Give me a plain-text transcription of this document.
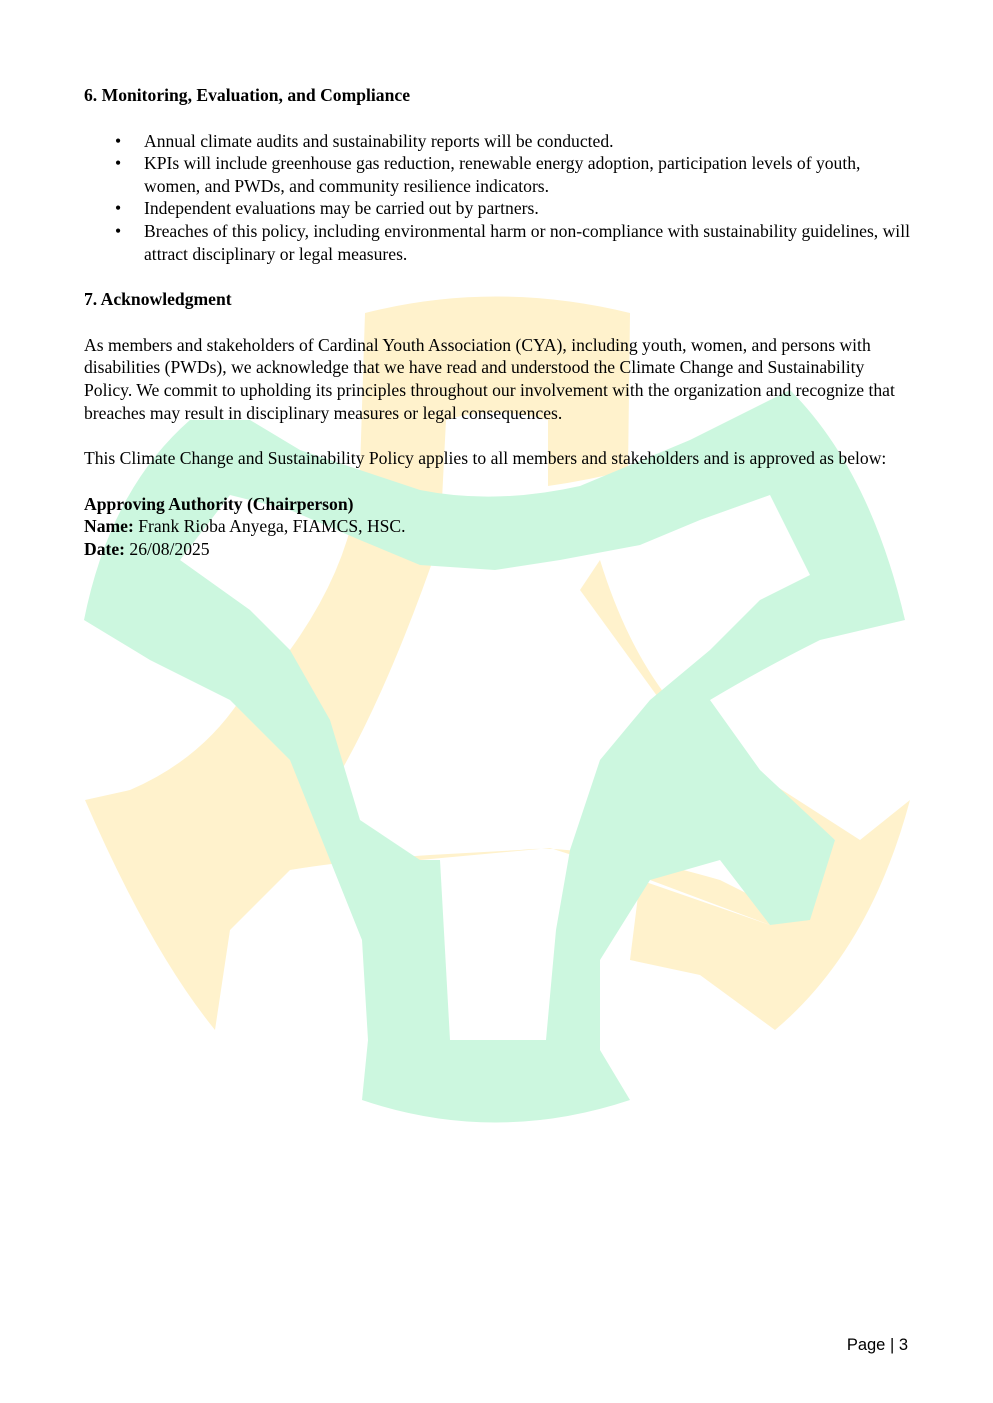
6. Monitoring, Evaluation, and Compliance
• Annual climate audits and sustainability reports will be conducted.
• KPIs will include greenhouse gas reduction, renewable energy adoption, participation levels of youth, women, and PWDs, and community resilience indicators.
• Independent evaluations may be carried out by partners.
• Breaches of this policy, including environmental harm or non-compliance with sustainability guidelines, will attract disciplinary or legal measures.
7. Acknowledgment

As members and stakeholders of Cardinal Youth Association (CYA), including youth, women, and persons with disabilities (PWDs), we acknowledge that we have read and understood the Climate Change and Sustainability Policy. We commit to upholding its principles throughout our involvement with the organization and recognize that breaches may result in disciplinary measures or legal consequences.

This Climate Change and Sustainability Policy applies to all members and stakeholders and is approved as below:

Approving Authority (Chairperson)
Name: Frank Rioba Anyega, FIAMCS, HSC.
Date: 26/08/2025
Page | 3
